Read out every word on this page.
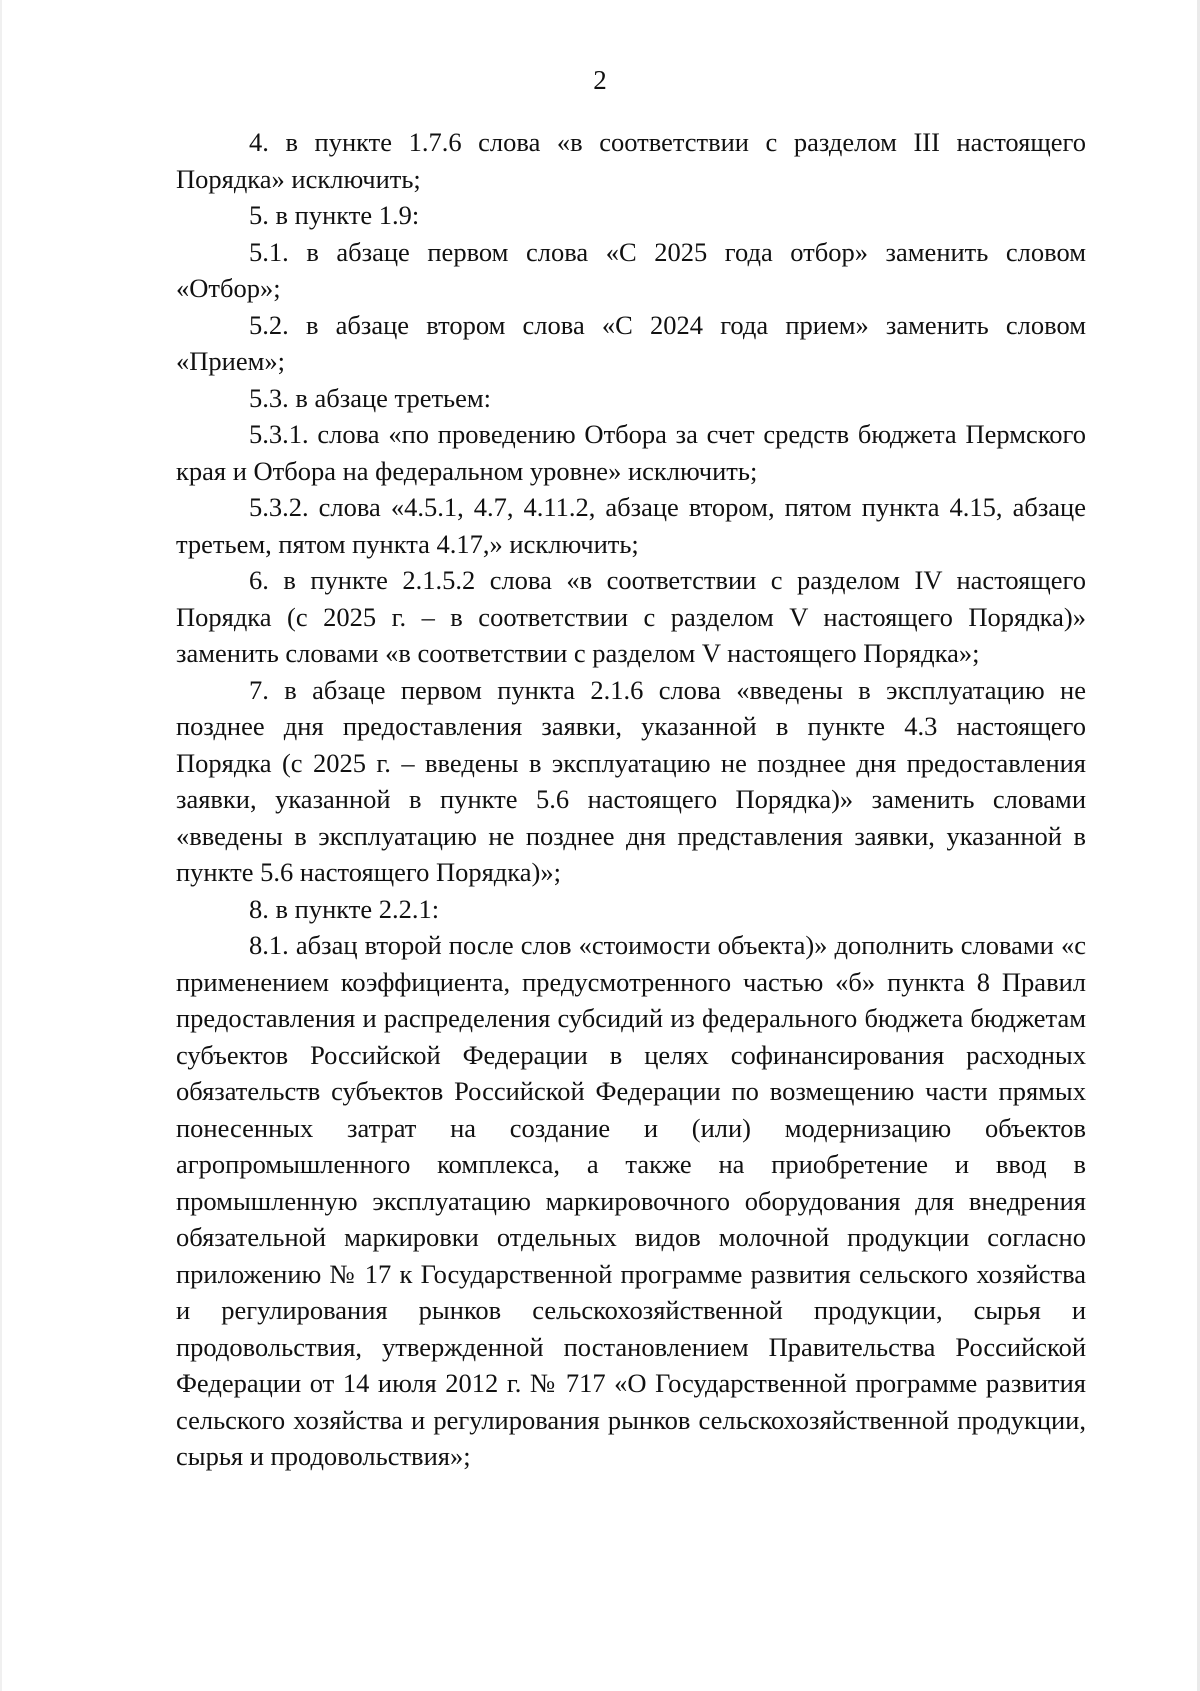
2

4. в пункте 1.7.6 слова «в соответствии с разделом III настоящего Порядка» исключить;

5. в пункте 1.9:

5.1. в абзаце первом слова «С 2025 года отбор» заменить словом «Отбор»;

5.2. в абзаце втором слова «С 2024 года прием» заменить словом «Прием»;

5.3. в абзаце третьем:

5.3.1. слова «по проведению Отбора за счет средств бюджета Пермского края и Отбора на федеральном уровне» исключить;

5.3.2. слова «4.5.1, 4.7, 4.11.2, абзаце втором, пятом пункта 4.15, абзаце третьем, пятом пункта 4.17,» исключить;

6. в пункте 2.1.5.2 слова «в соответствии с разделом IV настоящего Порядка (с 2025 г. – в соответствии с разделом V настоящего Порядка)» заменить словами «в соответствии с разделом V настоящего Порядка»;

7. в абзаце первом пункта 2.1.6 слова «введены в эксплуатацию не позднее дня предоставления заявки, указанной в пункте 4.3 настоящего Порядка (с 2025 г. – введены в эксплуатацию не позднее дня предоставления заявки, указанной в пункте 5.6 настоящего Порядка)» заменить словами «введены в эксплуатацию не позднее дня представления заявки, указанной в пункте 5.6 настоящего Порядка)»;

8. в пункте 2.2.1:

8.1. абзац второй после слов «стоимости объекта)» дополнить словами «с применением коэффициента, предусмотренного частью «б» пункта 8 Правил предоставления и распределения субсидий из федерального бюджета бюджетам субъектов Российской Федерации в целях софинансирования расходных обязательств субъектов Российской Федерации по возмещению части прямых понесенных затрат на создание и (или) модернизацию объектов агропромышленного комплекса, а также на приобретение и ввод в промышленную эксплуатацию маркировочного оборудования для внедрения обязательной маркировки отдельных видов молочной продукции согласно приложению № 17 к Государственной программе развития сельского хозяйства и регулирования рынков сельскохозяйственной продукции, сырья и продовольствия, утвержденной постановлением Правительства Российской Федерации от 14 июля 2012 г. № 717 «О Государственной программе развития сельского хозяйства и регулирования рынков сельскохозяйственной продукции, сырья и продовольствия»;
